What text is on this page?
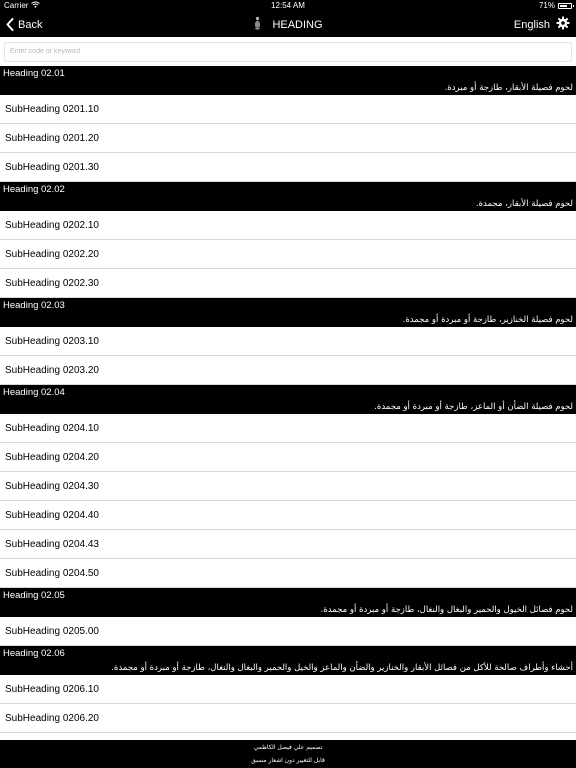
Carrier	12:54 AM	71%
Back	HEADING	English
Enter code or keyword
Heading 02.01
لحوم فصيلة الأبقار، طازجة أو مبردة.
SubHeading 0201.10
SubHeading 0201.20
SubHeading 0201.30
Heading 02.02
لحوم فصيلة الأبقار، مجمدة.
SubHeading 0202.10
SubHeading 0202.20
SubHeading 0202.30
Heading 02.03
لحوم فصيلة الخنازير، طازجة أو مبردة أو مجمدة.
SubHeading 0203.10
SubHeading 0203.20
Heading 02.04
لحوم فصيلة الضأن أو الماعز، طازجة أو مبردة أو مجمدة.
SubHeading 0204.10
SubHeading 0204.20
SubHeading 0204.30
SubHeading 0204.40
SubHeading 0204.43
SubHeading 0204.50
Heading 02.05
لحوم فصائل الخيول والحمير والبغال والنغال، طازجة أو مبردة أو مجمدة.
SubHeading 0205.00
Heading 02.06
أحشاء وأطراف صالحة للأكل من فصائل الأبقار والخنازير والضأن والماعز والخيل والحمير والبغال والنغال، طازجة أو مبردة أو مجمدة.
SubHeading 0206.10
SubHeading 0206.20
تصميم علي فيصل الكاظمي
قابل للتغيير دون اشعار مسبق
